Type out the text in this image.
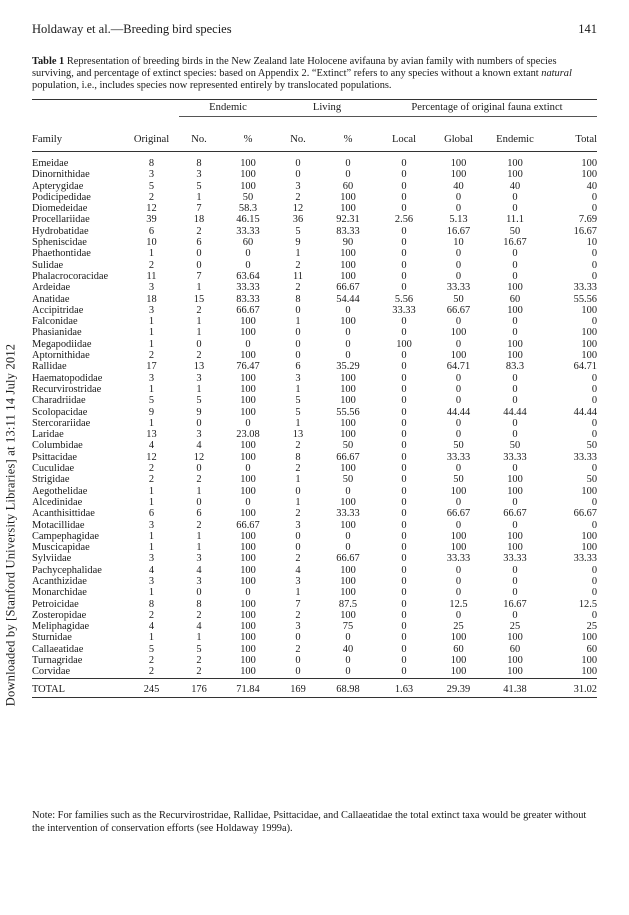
Holdaway et al.—Breeding bird species	141
Table 1 Representation of breeding birds in the New Zealand late Holocene avifauna by avian family with numbers of species surviving, and percentage of extinct species: based on Appendix 2. “Extinct” refers to any species without a known extant natural population, i.e., includes species now represented entirely by translocated populations.
Downloaded by [Stanford University Libraries] at 13:11 14 July 2012
		Endemic		Living		Percentage of original fauna extinct			
Family	Original	No.	%	No.	%	Local	Global	Endemic	Total
Emeidae	8	8	100	0	0	0	100	100	100
Dinornithidae	3	3	100	0	0	0	100	100	100
Apterygidae	5	5	100	3	60	0	40	40	40
Podicipedidae	2	1	50	2	100	0	0	0	0
Diomedeidae	12	7	58.3	12	100	0	0	0	0
Procellariidae	39	18	46.15	36	92.31	2.56	5.13	11.1	7.69
Hydrobatidae	6	2	33.33	5	83.33	0	16.67	50	16.67
Spheniscidae	10	6	60	9	90	0	10	16.67	10
Phaethontidae	1	0	0	1	100	0	0	0	0
Sulidae	2	0	0	2	100	0	0	0	0
Phalacrocoracidae	11	7	63.64	11	100	0	0	0	0
Ardeidae	3	1	33.33	2	66.67	0	33.33	100	33.33
Anatidae	18	15	83.33	8	54.44	5.56	50	60	55.56
Accipitridae	3	2	66.67	0	0	33.33	66.67	100	100
Falconidae	1	1	100	1	100	0	0	0	0
Phasianidae	1	1	100	0	0	0	100	0	100
Megapodiidae	1	0	0	0	0	100	0	100	100
Aptornithidae	2	2	100	0	0	0	100	100	100
Rallidae	17	13	76.47	6	35.29	0	64.71	83.3	64.71
Haematopodidae	3	3	100	3	100	0	0	0	0
Recurvirostridae	1	1	100	1	100	0	0	0	0
Charadriidae	5	5	100	5	100	0	0	0	0
Scolopacidae	9	9	100	5	55.56	0	44.44	44.44	44.44
Stercorariidae	1	0	0	1	100	0	0	0	0
Laridae	13	3	23.08	13	100	0	0	0	0
Columbidae	4	4	100	2	50	0	50	50	50
Psittacidae	12	12	100	8	66.67	0	33.33	33.33	33.33
Cuculidae	2	0	0	2	100	0	0	0	0
Strigidae	2	2	100	1	50	0	50	100	50
Aegothelidae	1	1	100	0	0	0	100	100	100
Alcedinidae	1	0	0	1	100	0	0	0	0
Acanthisittidae	6	6	100	2	33.33	0	66.67	66.67	66.67
Motacillidae	3	2	66.67	3	100	0	0	0	0
Campephagidae	1	1	100	0	0	0	100	100	100
Muscicapidae	1	1	100	0	0	0	100	100	100
Sylviidae	3	3	100	2	66.67	0	33.33	33.33	33.33
Pachycephalidae	4	4	100	4	100	0	0	0	0
Acanthizidae	3	3	100	3	100	0	0	0	0
Monarchidae	1	0	0	1	100	0	0	0	0
Petroicidae	8	8	100	7	87.5	0	12.5	16.67	12.5
Zosteropidae	2	2	100	2	100	0	0	0	0
Meliphagidae	4	4	100	3	75	0	25	25	25
Sturnidae	1	1	100	0	0	0	100	100	100
Callaeatidae	5	5	100	2	40	0	60	60	60
Turnagridae	2	2	100	0	0	0	100	100	100
Corvidae	2	2	100	0	0	0	100	100	100
TOTAL	245	176	71.84	169	68.98	1.63	29.39	41.38	31.02
Note: For families such as the Recurvirostridae, Rallidae, Psittacidae, and Callaeatidae the total extinct taxa would be greater without the intervention of conservation efforts (see Holdaway 1999a).
